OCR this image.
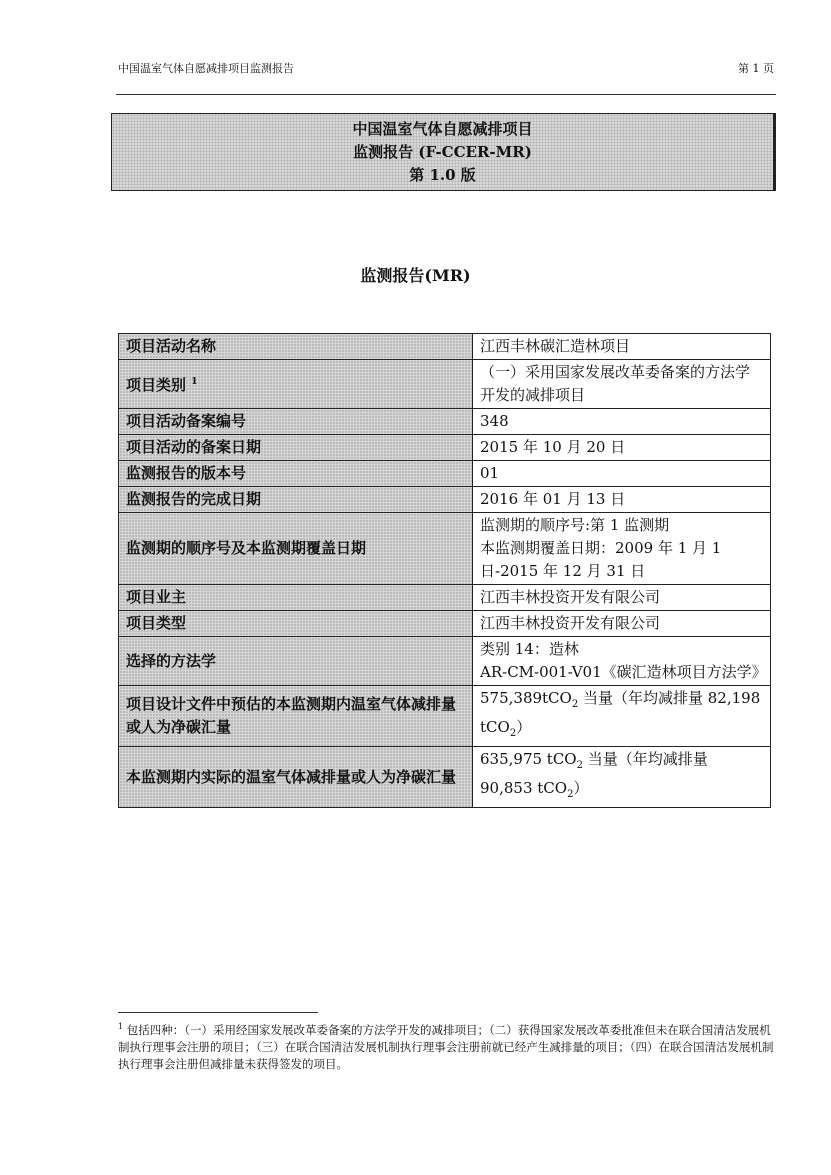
中国温室气体自愿减排项目监测报告	第 1 页
中国温室气体自愿减排项目
监测报告 (F-CCER-MR)
第 1.0 版
监测报告(MR)
项目活动名称	江西丰林碳汇造林项目
项目类别 $^1$	（一）采用国家发展改革委备案的方法学开发的减排项目
项目活动备案编号	348
项目活动的备案日期	2015 年 10 月 20 日
监测报告的版本号	01
监测报告的完成日期	2016 年 01 月 13 日
监测期的顺序号及本监测期覆盖日期	监测期的顺序号:第 1 监测期
本监测期覆盖日期：2009 年 1 月 1 日-2015 年 12 月 31 日

项目业主	江西丰林投资开发有限公司
项目类型	江西丰林投资开发有限公司
选择的方法学	类别 14：造林
AR-CM-001-V01《碳汇造林项目方法学》

项目设计文件中预估的本监测期内温室气体减排量或人为净碳汇量	575,389tCO$_2$ 当量（年均减排量 82,198 tCO$_2$）
本监测期内实际的温室气体减排量或人为净碳汇量	635,975 tCO$_2$ 当量（年均减排量 90,853 tCO$_2$）
$^1$ 包括四种：（一）采用经国家发展改革委备案的方法学开发的减排项目；（二）获得国家发展改革委批准但未在联合国清洁发展机制执行理事会注册的项目；（三）在联合国清洁发展机制执行理事会注册前就已经产生减排量的项目；（四）在联合国清洁发展机制执行理事会注册但减排量未获得签发的项目。
